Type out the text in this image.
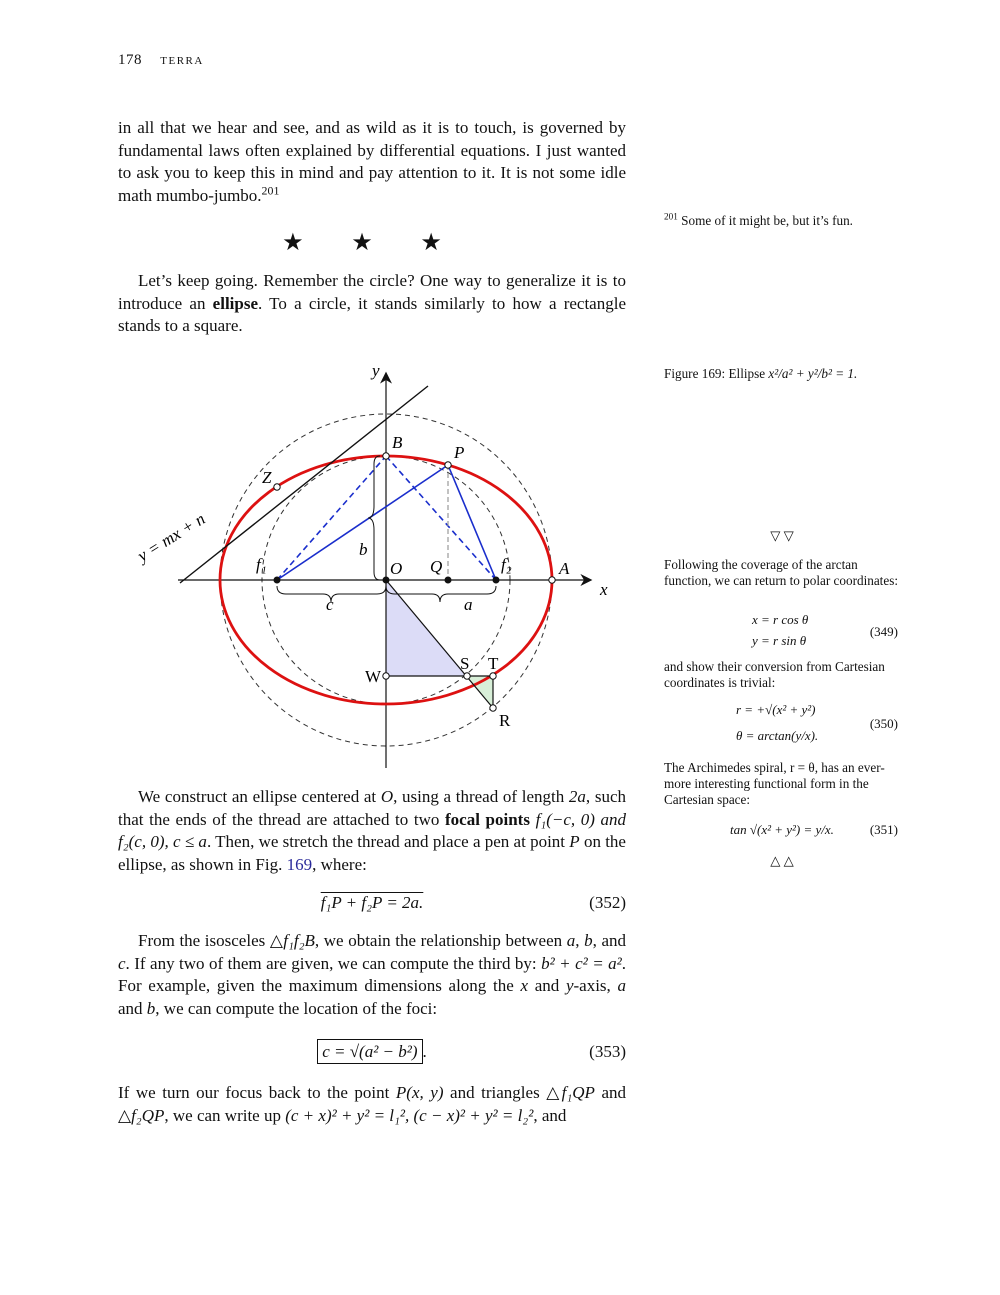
178 terra

in all that we hear and see, and as wild as it is to touch, is governed by fundamental laws often explained by differential equations. I just wanted to ask you to keep this in mind and pay attention to it. It is not some idle math mumbo-jumbo.$^{201}$

★ ★ ★

Let’s keep going. Remember the circle? One way to generalize it is to introduce an ellipse. To a circle, it stands similarly to how a rectangle stands to a square.

y
x
B
P
Z
O Q
f₁	f₂	A
b
c	a
W
S T
R
y = mx + n

We construct an ellipse centered at O, using a thread of length 2a, such that the ends of the thread are attached to two focal points f₁(−c, 0) and f₂(c, 0), c ≤ a. Then, we stretch the thread and place a pen at point P on the ellipse, as shown in Fig. 169, where:

f₁P + f₂P = 2a.	(352)

From the isosceles △f₁f₂B, we obtain the relationship between a, b, and c. If any two of them are given, we can compute the third by: b² + c² = a². For example, given the maximum dimensions along the x and y-axis, a and b, we can compute the location of the foci:

c = √(a² − b²) .	(353)

If we turn our focus back to the point P(x, y) and triangles △f₁QP and △f₂QP, we can write up (c + x)² + y² = l₁², (c − x)² + y² = l₂², and

$^{201}$ Some of it might be, but it’s fun.

Figure 169: Ellipse x²/a² + y²/b² = 1.

▽ ▽

Following the coverage of the arctan function, we can return to polar coordinates:

x = r cos θ
y = r sin θ
(349)

and show their conversion from Cartesian coordinates is trivial:

r = +√(x² + y²)
θ = arctan(y/x).
(350)

The Archimedes spiral, r = θ, has an ever-more interesting functional form in the Cartesian space:

tan √(x² + y²) = y/x.	(351)
△ △
